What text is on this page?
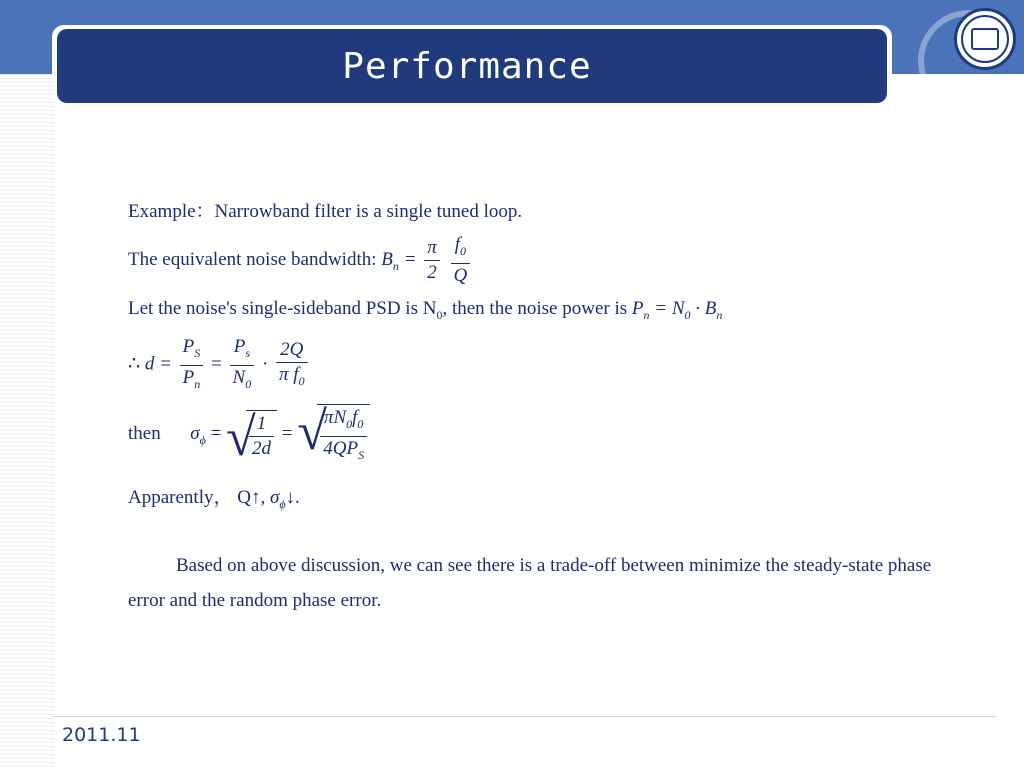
Performance
Example：Narrowband filter is a single tuned loop.
The equivalent noise bandwidth: $B_n = \frac{\pi}{2}$
$\frac{f_0}{Q}$
Let the noise's single-sideband PSD is $N_0$, then the noise power is $P_n = N_0 \cdot B_n$
∴ $d = \frac{P_S}{P_n} = \frac{P_s}{N_0} \cdot \frac{2Q}{\pi f_0}$
then $\sigma_\phi$ = √
$\frac{1}{2d}$ = √
$\frac{\pi N_0f_0}{4QP_S}$
Apparently， Q↑, $\sigma_\phi↓$.
Based on above discussion, we can see there is a trade-off between minimize the steady-state phase error and the random phase error.
2011.11
